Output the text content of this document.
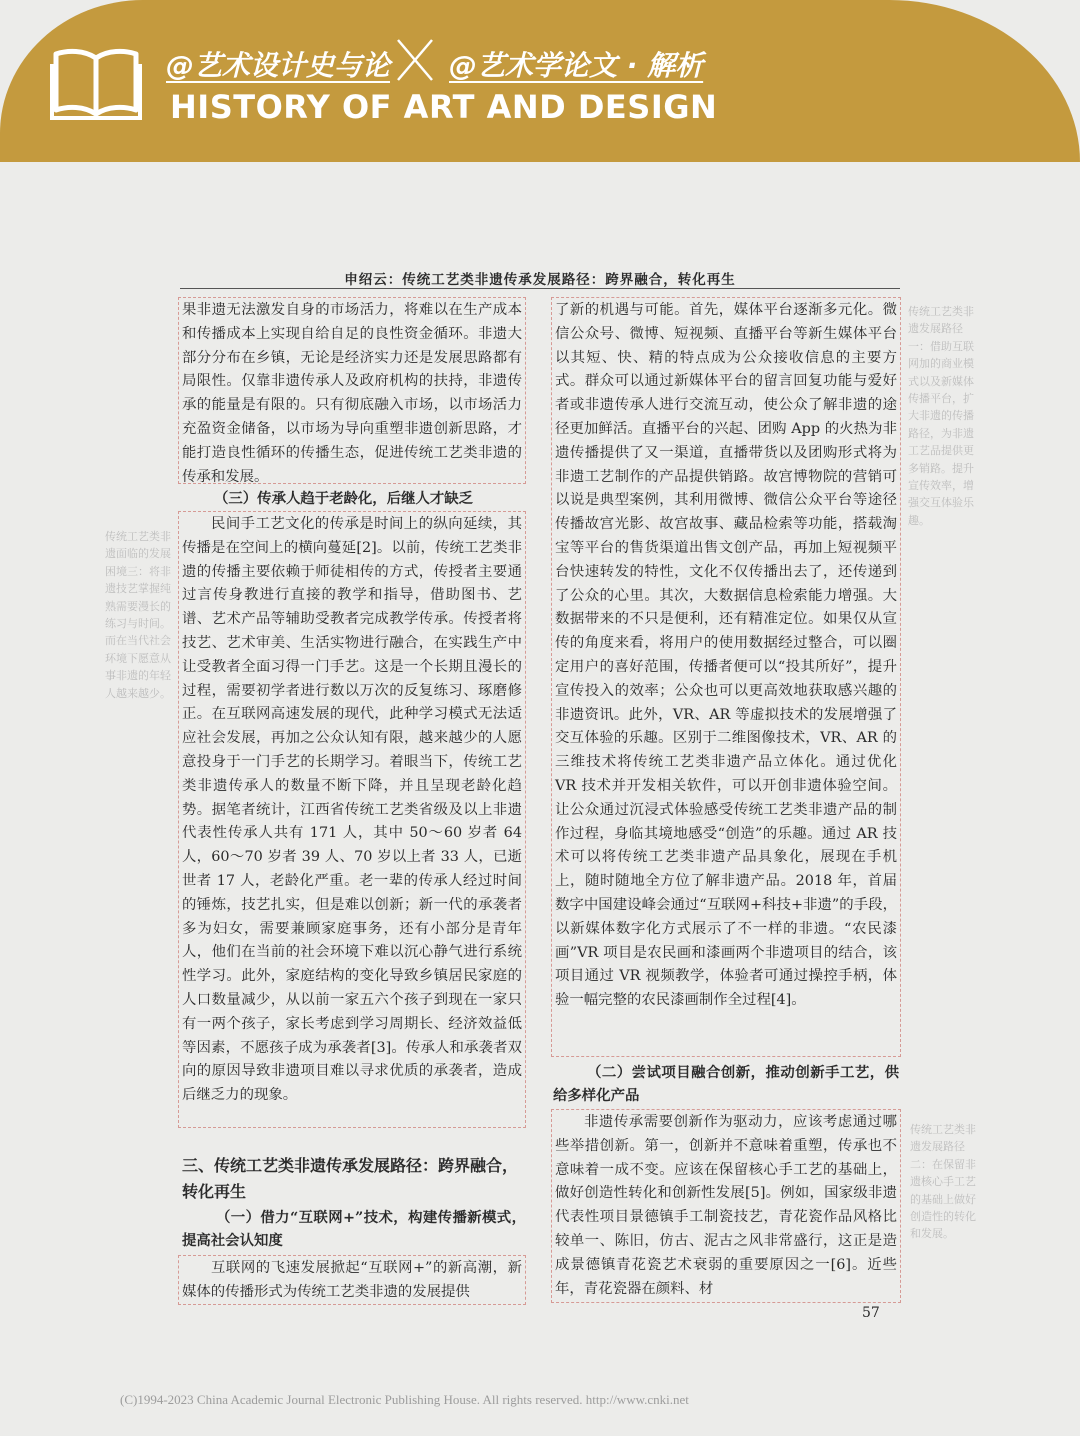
@艺术设计史与论 @艺术学论文 · 解析
HISTORY OF ART AND DESIGN
申绍云：传统工艺类非遗传承发展路径：跨界融合，转化再生

果非遗无法激发自身的市场活力，将难以在生产成本和传播成本上实现自给自足的良性资金循环。非遗大部分分布在乡镇，无论是经济实力还是发展思路都有局限性。仅靠非遗传承人及政府机构的扶持，非遗传承的能量是有限的。只有彻底融入市场，以市场活力充盈资金储备，以市场为导向重塑非遗创新思路，才能打造良性循环的传播生态，促进传统工艺类非遗的传承和发展。

（三）传承人趋于老龄化，后继人才缺乏

民间手工艺文化的传承是时间上的纵向延续，其传播是在空间上的横向蔓延[2]。以前，传统工艺类非遗的传播主要依赖于师徒相传的方式，传授者主要通过言传身教进行直接的教学和指导，借助图书、艺谱、艺术产品等辅助受教者完成教学传承。传授者将技艺、艺术审美、生活实物进行融合，在实践生产中让受教者全面习得一门手艺。这是一个长期且漫长的过程，需要初学者进行数以万次的反复练习、琢磨修正。在互联网高速发展的现代，此种学习模式无法适应社会发展，再加之公众认知有限，越来越少的人愿意投身于一门手艺的长期学习。着眼当下，传统工艺类非遗传承人的数量不断下降，并且呈现老龄化趋势。据笔者统计，江西省传统工艺类省级及以上非遗代表性传承人共有 171 人，其中 50～60 岁者 64 人，60～70 岁者 39 人、70 岁以上者 33 人，已逝世者 17 人，老龄化严重。老一辈的传承人经过时间的锤炼，技艺扎实，但是难以创新；新一代的承袭者多为妇女，需要兼顾家庭事务，还有小部分是青年人，他们在当前的社会环境下难以沉心静气进行系统性学习。此外，家庭结构的变化导致乡镇居民家庭的人口数量减少，从以前一家五六个孩子到现在一家只有一两个孩子，家长考虑到学习周期长、经济效益低等因素，不愿孩子成为承袭者[3]。传承人和承袭者双向的原因导致非遗项目难以寻求优质的承袭者，造成后继乏力的现象。

三、传统工艺类非遗传承发展路径：跨界融合，转化再生

（一）借力“互联网+”技术，构建传播新模式，提高社会认知度

互联网的飞速发展掀起“互联网+”的新高潮，新媒体的传播形式为传统工艺类非遗的发展提供

了新的机遇与可能。首先，媒体平台逐渐多元化。微信公众号、微博、短视频、直播平台等新生媒体平台以其短、快、精的特点成为公众接收信息的主要方式。群众可以通过新媒体平台的留言回复功能与爱好者或非遗传承人进行交流互动，使公众了解非遗的途径更加鲜活。直播平台的兴起、团购 App 的火热为非遗传播提供了又一渠道，直播带货以及团购形式将为非遗工艺制作的产品提供销路。故宫博物院的营销可以说是典型案例，其利用微博、微信公众平台等途径传播故宫光影、故宫故事、藏品检索等功能，搭载淘宝等平台的售货渠道出售文创产品，再加上短视频平台快速转发的特性，文化不仅传播出去了，还传递到了公众的心里。其次，大数据信息检索能力增强。大数据带来的不只是便利，还有精准定位。如果仅从宣传的角度来看，将用户的使用数据经过整合，可以圈定用户的喜好范围，传播者便可以“投其所好”，提升宣传投入的效率；公众也可以更高效地获取感兴趣的非遗资讯。此外，VR、AR 等虚拟技术的发展增强了交互体验的乐趣。区别于二维图像技术，VR、AR 的三维技术将传统工艺类非遗产品立体化。通过优化 VR 技术并开发相关软件，可以开创非遗体验空间。让公众通过沉浸式体验感受传统工艺类非遗产品的制作过程，身临其境地感受“创造”的乐趣。通过 AR 技术可以将传统工艺类非遗产品具象化，展现在手机上，随时随地全方位了解非遗产品。2018 年，首届数字中国建设峰会通过“互联网+科技+非遗”的手段，以新媒体数字化方式展示了不一样的非遗。“农民漆画”VR 项目是农民画和漆画两个非遗项目的结合，该项目通过 VR 视频教学，体验者可通过操控手柄，体验一幅完整的农民漆画制作全过程[4]。

（二）尝试项目融合创新，推动创新手工艺，供给多样化产品

非遗传承需要创新作为驱动力，应该考虑通过哪些举措创新。第一，创新并不意味着重塑，传承也不意味着一成不变。应该在保留核心手工艺的基础上，做好创造性转化和创新性发展[5]。例如，国家级非遗代表性项目景德镇手工制瓷技艺，青花瓷作品风格比较单一、陈旧，仿古、泥古之风非常盛行，这正是造成景德镇青花瓷艺术衰弱的重要原因之一[6]。近些年，青花瓷器在颜料、材

57

传统工艺类非遗面临的发展困境三：将非遗技艺掌握纯熟需要漫长的练习与时间。而在当代社会环境下愿意从事非遗的年轻人越来越少。

传统工艺类非遗发展路径一：借助互联网加的商业模式以及新媒体传播平台，扩大非遗的传播路径，为非遗工艺品提供更多销路。提升宣传效率，增强交互体验乐趣。

传统工艺类非遗发展路径二：在保留非遗核心手工艺的基础上做好创造性的转化和发展。

(C)1994-2023 China Academic Journal Electronic Publishing House. All rights reserved. http://www.cnki.net
